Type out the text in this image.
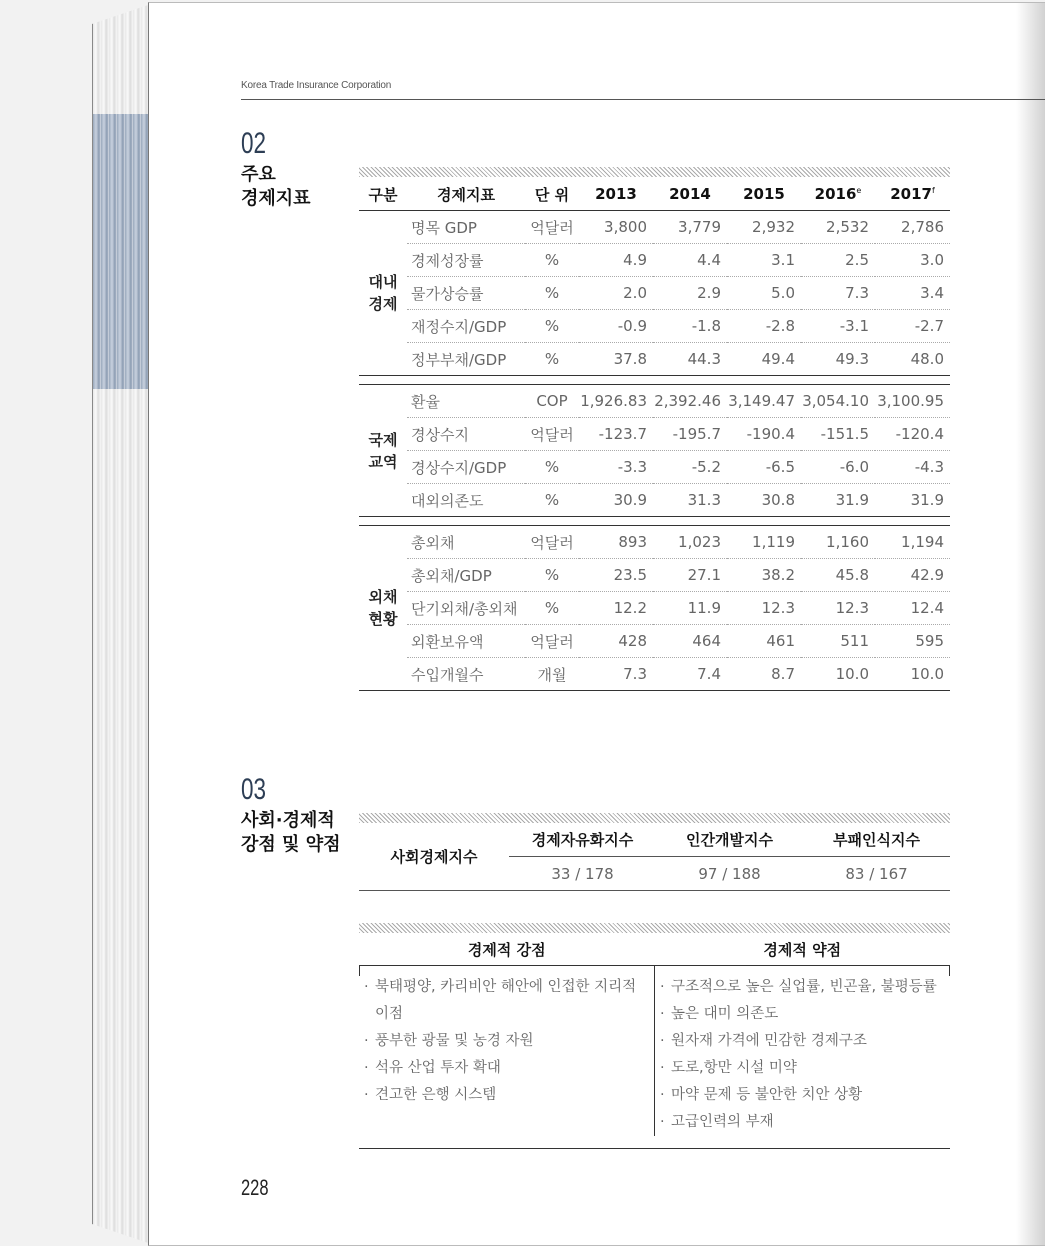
Korea Trade Insurance Corporation
02
주요
경제지표	구분	경제지표	단 위	2013	2014	2015	2016e	2017$^f$

대내
경제	명목 GDP	억달러	3,800	3,779	2,932	2,532	2,786
	경제성장률	%	4.9	4.4	3.1	2.5	3.0
	물가상승률	%	2.0	2.9	5.0	7.3	3.4
	재정수지/GDP	%	-0.9	-1.8	-2.8	-3.1	-2.7
	정부부채/GDP	%	37.8	44.3	49.4	49.3	48.0

국제
교역	환율	COP	1,926.83	2,392.46	3,149.47	3,054.10	3,100.95
	경상수지	억달러	-123.7	-195.7	-190.4	-151.5	-120.4
	경상수지/GDP	%	-3.3	-5.2	-6.5	-6.0	-4.3
	대외의존도	%	30.9	31.3	30.8	31.9	31.9

외채
현황	총외채	억달러	893	1,023	1,119	1,160	1,194
	총외채/GDP	%	23.5	27.1	38.2	45.8	42.9
	단기외채/총외채	%	12.2	11.9	12.3	12.3	12.4
	외환보유액	억달러	428	464	461	511	595
	수입개월수	개월	7.3	7.4	8.7	10.0	10.0
03
사회·경제적
강점 및 약점
사회경제지수	경제자유화지수	인간개발지수	부패인식지수
	33 / 178	97 / 188	83 / 167
경제적 강점	경제적 약점
· 북태평양, 카리비안 해안에 인접한 지리적 이점
· 풍부한 광물 및 농경 자원
· 석유 산업 투자 확대
· 견고한 은행 시스템
· 구조적으로 높은 실업률, 빈곤율, 불평등률
· 높은 대미 의존도
· 원자재 가격에 민감한 경제구조
· 도로,항만 시설 미약
· 마약 문제 등 불안한 치안 상황
· 고급인력의 부재
228
